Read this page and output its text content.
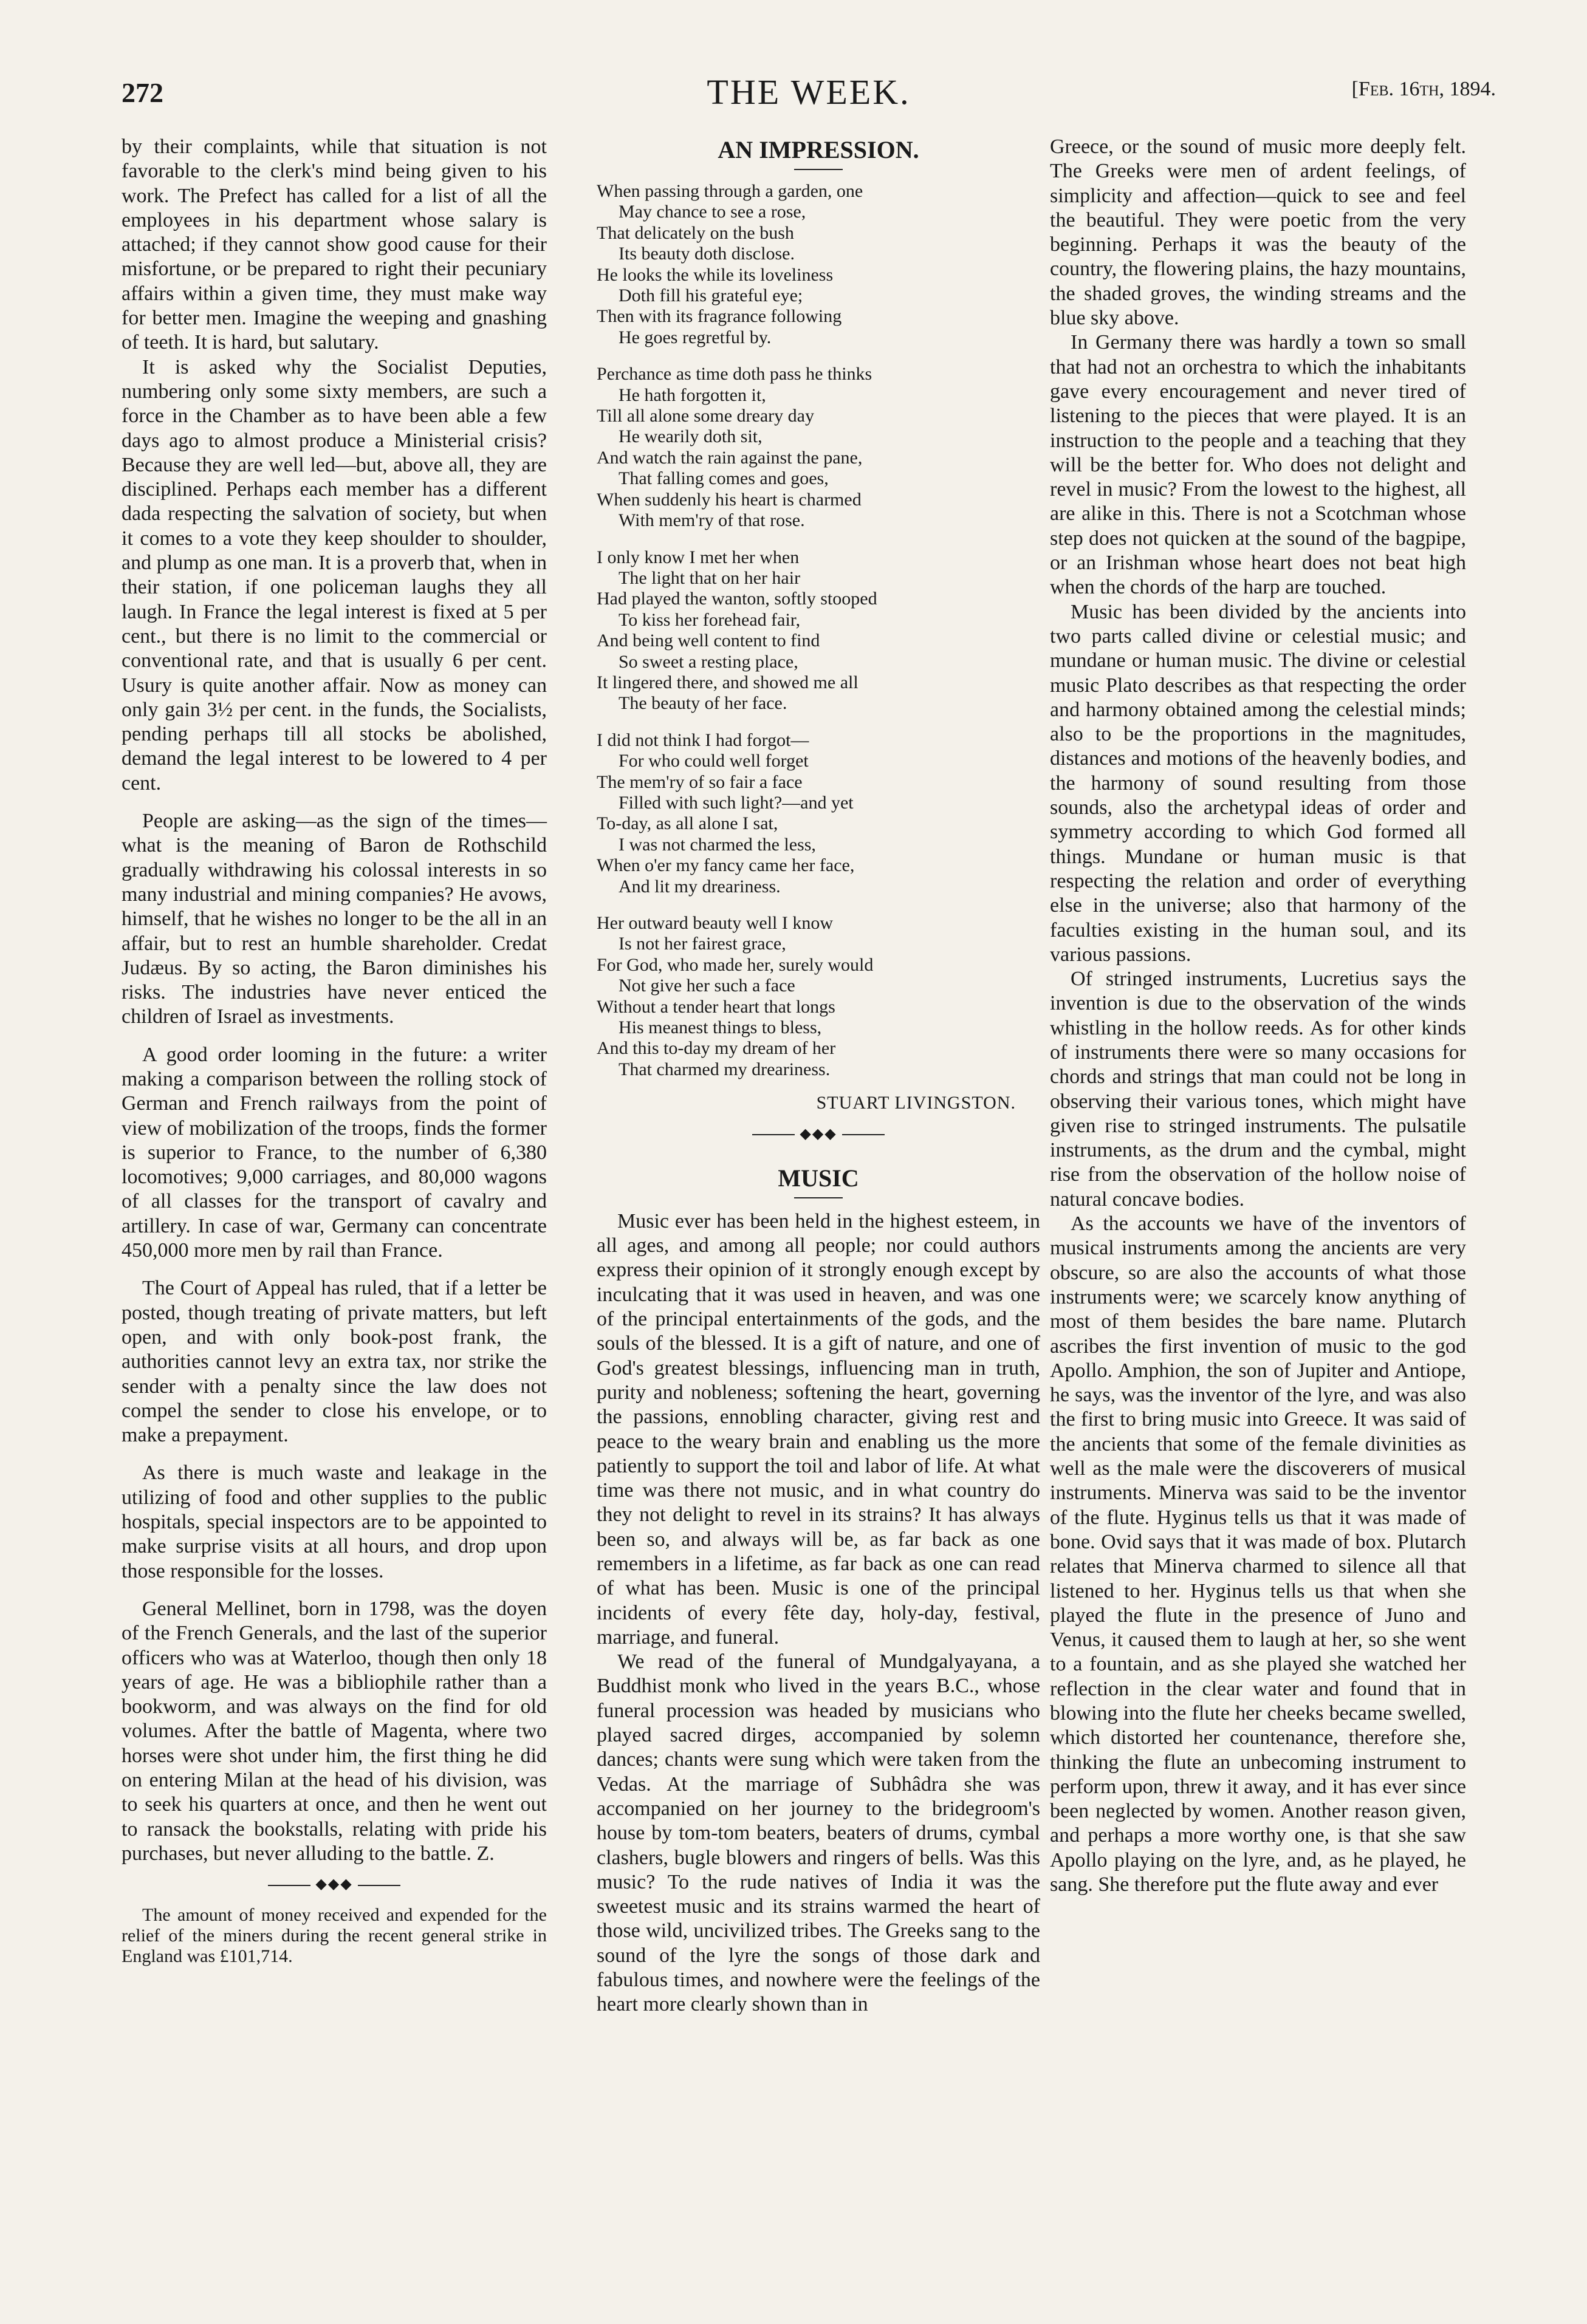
272	THE WEEK.	[Feb. 16th, 1894.

by their complaints, while that situation is not favorable to the clerk's mind being given to his work. The Prefect has called for a list of all the employees in his department whose salary is attached; if they cannot show good cause for their misfortune, or be prepared to right their pecuniary affairs within a given time, they must make way for better men. Imagine the weeping and gnashing of teeth. It is hard, but salutary.

It is asked why the Socialist Deputies, numbering only some sixty members, are such a force in the Chamber as to have been able a few days ago to almost produce a Ministerial crisis? Because they are well led—but, above all, they are disciplined. Perhaps each member has a different dada respecting the salvation of society, but when it comes to a vote they keep shoulder to shoulder, and plump as one man. It is a proverb that, when in their station, if one policeman laughs they all laugh. In France the legal interest is fixed at 5 per cent., but there is no limit to the commercial or conventional rate, and that is usually 6 per cent. Usury is quite another affair. Now as money can only gain 3½ per cent. in the funds, the Socialists, pending perhaps till all stocks be abolished, demand the legal interest to be lowered to 4 per cent.

People are asking—as the sign of the times—what is the meaning of Baron de Rothschild gradually withdrawing his colossal interests in so many industrial and mining companies? He avows, himself, that he wishes no longer to be the all in an affair, but to rest an humble shareholder. Credat Judæus. By so acting, the Baron diminishes his risks. The industries have never enticed the children of Israel as investments.

A good order looming in the future: a writer making a comparison between the rolling stock of German and French railways from the point of view of mobilization of the troops, finds the former is superior to France, to the number of 6,380 locomotives; 9,000 carriages, and 80,000 wagons of all classes for the transport of cavalry and artillery. In case of war, Germany can concentrate 450,000 more men by rail than France.

The Court of Appeal has ruled, that if a letter be posted, though treating of private matters, but left open, and with only book-post frank, the authorities cannot levy an extra tax, nor strike the sender with a penalty since the law does not compel the sender to close his envelope, or to make a prepayment.

As there is much waste and leakage in the utilizing of food and other supplies to the public hospitals, special inspectors are to be appointed to make surprise visits at all hours, and drop upon those responsible for the losses.

General Mellinet, born in 1798, was the doyen of the French Generals, and the last of the superior officers who was at Waterloo, though then only 18 years of age. He was a bibliophile rather than a bookworm, and was always on the find for old volumes. After the battle of Magenta, where two horses were shot under him, the first thing he did on entering Milan at the head of his division, was to seek his quarters at once, and then he went out to ransack the bookstalls, relating with pride his purchases, but never alluding to the battle. Z.

◆◆◆
The amount of money received and expended for the relief of the miners during the recent general strike in England was £101,714.
AN IMPRESSION.
When passing through a garden, one
May chance to see a rose,
That delicately on the bush
Its beauty doth disclose.
He looks the while its loveliness
Doth fill his grateful eye;
Then with its fragrance following
He goes regretful by.
Perchance as time doth pass he thinks
He hath forgotten it,
Till all alone some dreary day
He wearily doth sit,
And watch the rain against the pane,
That falling comes and goes,
When suddenly his heart is charmed
With mem'ry of that rose.
I only know I met her when
The light that on her hair
Had played the wanton, softly stooped
To kiss her forehead fair,
And being well content to find
So sweet a resting place,
It lingered there, and showed me all
The beauty of her face.
I did not think I had forgot—
For who could well forget
The mem'ry of so fair a face
Filled with such light?—and yet
To-day, as all alone I sat,
I was not charmed the less,
When o'er my fancy came her face,
And lit my dreariness.
Her outward beauty well I know
Is not her fairest grace,
For God, who made her, surely would
Not give her such a face
Without a tender heart that longs
His meanest things to bless,
And this to-day my dream of her
That charmed my dreariness.
STUART LIVINGSTON.
◆◆◆
MUSIC

Music ever has been held in the highest esteem, in all ages, and among all people; nor could authors express their opinion of it strongly enough except by inculcating that it was used in heaven, and was one of the principal entertainments of the gods, and the souls of the blessed. It is a gift of nature, and one of God's greatest blessings, influencing man in truth, purity and nobleness; softening the heart, governing the passions, ennobling character, giving rest and peace to the weary brain and enabling us the more patiently to support the toil and labor of life. At what time was there not music, and in what country do they not delight to revel in its strains? It has always been so, and always will be, as far back as one remembers in a lifetime, as far back as one can read of what has been. Music is one of the principal incidents of every fête day, holy-day, festival, marriage, and funeral.

We read of the funeral of Mundgalyayana, a Buddhist monk who lived in the years B.C., whose funeral procession was headed by musicians who played sacred dirges, accompanied by solemn dances; chants were sung which were taken from the Vedas. At the marriage of Subhâdra she was accompanied on her journey to the bridegroom's house by tom-tom beaters, beaters of drums, cymbal clashers, bugle blowers and ringers of bells. Was this music? To the rude natives of India it was the sweetest music and its strains warmed the heart of those wild, uncivilized tribes. The Greeks sang to the sound of the lyre the songs of those dark and fabulous times, and nowhere were the feelings of the heart more clearly shown than in

Greece, or the sound of music more deeply felt. The Greeks were men of ardent feelings, of simplicity and affection—quick to see and feel the beautiful. They were poetic from the very beginning. Perhaps it was the beauty of the country, the flowering plains, the hazy mountains, the shaded groves, the winding streams and the blue sky above.

In Germany there was hardly a town so small that had not an orchestra to which the inhabitants gave every encouragement and never tired of listening to the pieces that were played. It is an instruction to the people and a teaching that they will be the better for. Who does not delight and revel in music? From the lowest to the highest, all are alike in this. There is not a Scotchman whose step does not quicken at the sound of the bagpipe, or an Irishman whose heart does not beat high when the chords of the harp are touched.

Music has been divided by the ancients into two parts called divine or celestial music; and mundane or human music. The divine or celestial music Plato describes as that respecting the order and harmony obtained among the celestial minds; also to be the proportions in the magnitudes, distances and motions of the heavenly bodies, and the harmony of sound resulting from those sounds, also the archetypal ideas of order and symmetry according to which God formed all things. Mundane or human music is that respecting the relation and order of everything else in the universe; also that harmony of the faculties existing in the human soul, and its various passions.

Of stringed instruments, Lucretius says the invention is due to the observation of the winds whistling in the hollow reeds. As for other kinds of instruments there were so many occasions for chords and strings that man could not be long in observing their various tones, which might have given rise to stringed instruments. The pulsatile instruments, as the drum and the cymbal, might rise from the observation of the hollow noise of natural concave bodies.

As the accounts we have of the inventors of musical instruments among the ancients are very obscure, so are also the accounts of what those instruments were; we scarcely know anything of most of them besides the bare name. Plutarch ascribes the first invention of music to the god Apollo. Amphion, the son of Jupiter and Antiope, he says, was the inventor of the lyre, and was also the first to bring music into Greece. It was said of the ancients that some of the female divinities as well as the male were the discoverers of musical instruments. Minerva was said to be the inventor of the flute. Hyginus tells us that it was made of bone. Ovid says that it was made of box. Plutarch relates that Minerva charmed to silence all that listened to her. Hyginus tells us that when she played the flute in the presence of Juno and Venus, it caused them to laugh at her, so she went to a fountain, and as she played she watched her reflection in the clear water and found that in blowing into the flute her cheeks became swelled, which distorted her countenance, therefore she, thinking the flute an unbecoming instrument to perform upon, threw it away, and it has ever since been neglected by women. Another reason given, and perhaps a more worthy one, is that she saw Apollo playing on the lyre, and, as he played, he sang. She therefore put the flute away and ever
